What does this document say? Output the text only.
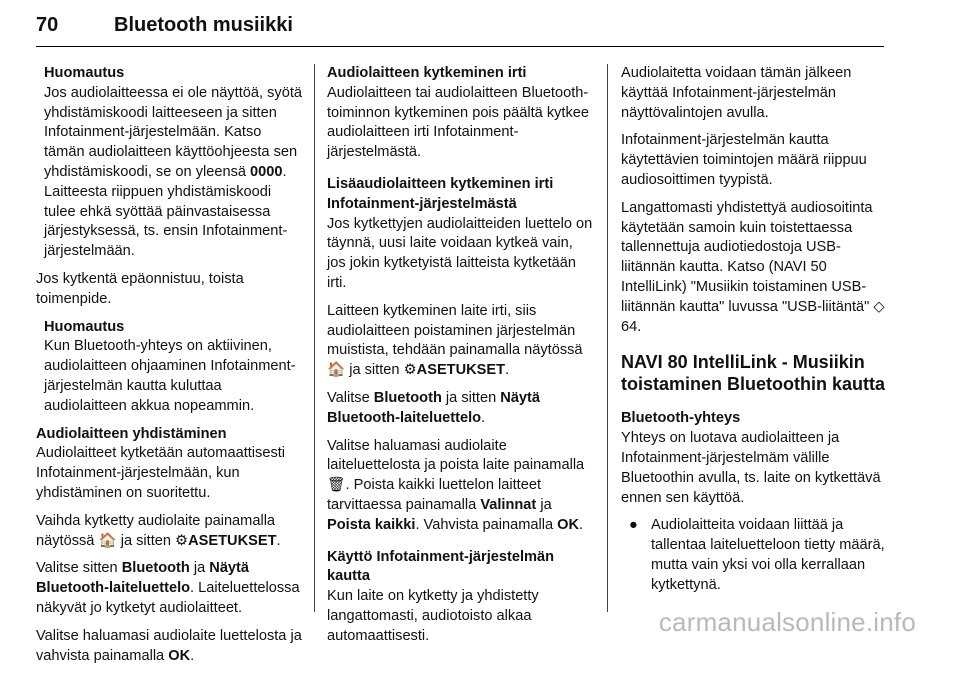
70	Bluetooth musiikki
Huomautus
Jos audiolaitteessa ei ole näyttöä, syötä yhdistämiskoodi laitteeseen ja sitten Infotainment-järjestelmään. Katso tämän audiolaitteen käyttöohjeesta sen yhdistämiskoodi, se on yleensä 0000. Laitteesta riippuen yhdistämiskoodi tulee ehkä syöttää päinvastaisessa järjestyksessä, ts. ensin Infotainment-järjestelmään.

Jos kytkentä epäonnistuu, toista toimenpide.

Huomautus
Kun Bluetooth-yhteys on aktiivinen, audiolaitteen ohjaaminen Infotainment-järjestelmän kautta kuluttaa audiolaitteen akkua nopeammin.
Audiolaitteen yhdistäminen

Audiolaitteet kytketään automaattisesti Infotainment-järjestelmään, kun yhdistäminen on suoritettu.

Vaihda kytketty audiolaite painamalla näytössä 🏠 ja sitten ⚙ASETUKSET.

Valitse sitten Bluetooth ja Näytä Bluetooth-laiteluettelo. Laiteluettelossa näkyvät jo kytketyt audiolaitteet.

Valitse haluamasi audiolaite luettelosta ja vahvista painamalla OK.

Audiolaitteen kytkeminen irti

Audiolaitteen tai audiolaitteen Bluetooth-toiminnon kytkeminen pois päältä kytkee audiolaitteen irti Infotainment-järjestelmästä.

Lisäaudiolaitteen kytkeminen irti Infotainment-järjestelmästä

Jos kytkettyjen audiolaitteiden luettelo on täynnä, uusi laite voidaan kytkeä vain, jos jokin kytketyistä laitteista kytketään irti.

Laitteen kytkeminen laite irti, siis audiolaitteen poistaminen järjestelmän muistista, tehdään painamalla näytössä 🏠 ja sitten ⚙ASETUKSET.

Valitse Bluetooth ja sitten Näytä Bluetooth-laiteluettelo.

Valitse haluamasi audiolaite laiteluettelosta ja poista laite painamalla 🗑. Poista kaikki luettelon laitteet tarvittaessa painamalla Valinnat ja Poista kaikki. Vahvista painamalla OK.

Käyttö Infotainment-järjestelmän kautta

Kun laite on kytketty ja yhdistetty langattomasti, audiotoisto alkaa automaattisesti.

Audiolaitetta voidaan tämän jälkeen käyttää Infotainment-järjestelmän näyttövalintojen avulla.

Infotainment-järjestelmän kautta käytettävien toimintojen määrä riippuu audiosoittimen tyypistä.

Langattomasti yhdistettyä audiosoitinta käytetään samoin kuin toistettaessa tallennettuja audiotiedostoja USB-liitännän kautta. Katso (NAVI 50 IntelliLink) "Musiikin toistaminen USB-liitännän kautta" luvussa "USB-liitäntä" ◇ 64.

NAVI 80 IntelliLink - Musiikin toistaminen Bluetoothin kautta
Bluetooth-yhteys

Yhteys on luotava audiolaitteen ja Infotainment-järjestelmäm välille Bluetoothin avulla, ts. laite on kytkettävä ennen sen käyttöä.

● Audiolaitteita voidaan liittää ja tallentaa laiteluetteloon tietty määrä, mutta vain yksi voi olla kerrallaan kytkettynä.
carmanualsonline.info
